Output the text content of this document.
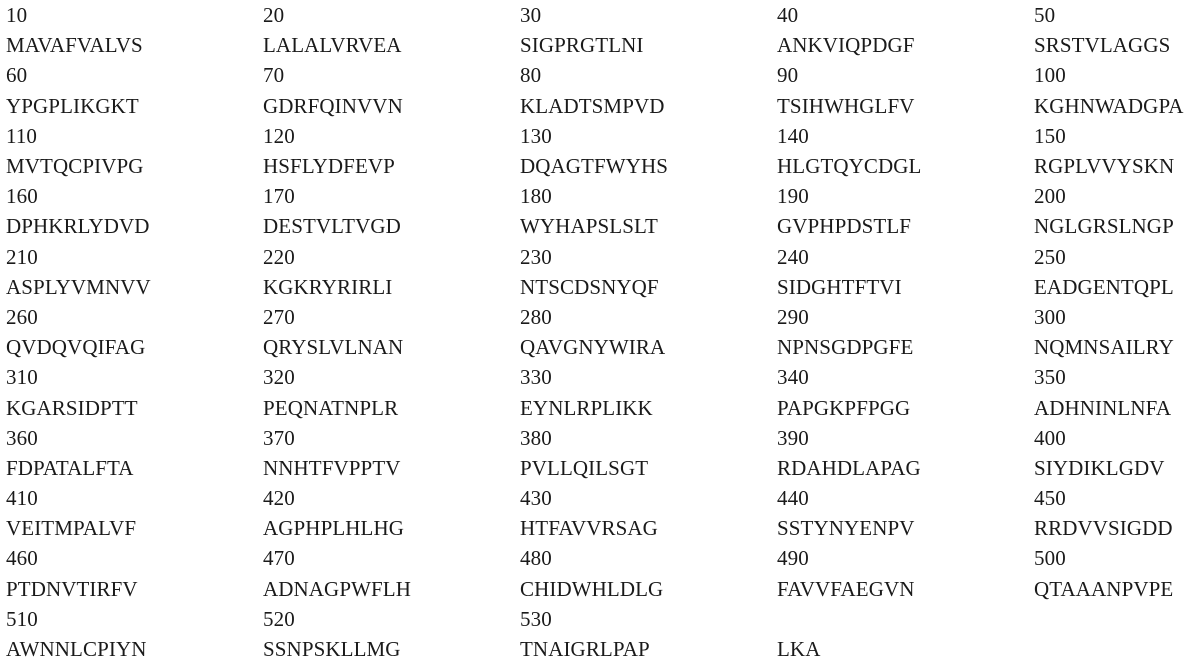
10	20	30	40	50
MAVAFVALVS	LALALVRVEA	SIGPRGTLNI	ANKVIQPDGF	SRSTVLAGGS
60	70	80	90	100
YPGPLIKGKT	GDRFQINVVN	KLADTSMPVD	TSIHWHGLFV	KGHNWADGPA
110	120	130	140	150
MVTQCPIVPG	HSFLYDFEVP	DQAGTFWYHS	HLGTQYCDGL	RGPLVVYSKN
160	170	180	190	200
DPHKRLYDVD	DESTVLTVGD	WYHAPSLSLT	GVPHPDSTLF	NGLGRSLNGP
210	220	230	240	250
ASPLYVMNVV	KGKRYRIRLI	NTSCDSNYQF	SIDGHTFTVI	EADGENTQPL
260	270	280	290	300
QVDQVQIFAG	QRYSLVLNAN	QAVGNYWIRA	NPNSGDPGFE	NQMNSAILRY
310	320	330	340	350
KGARSIDPTT	PEQNATNPLR	EYNLRPLIKK	PAPGKPFPGG	ADHNINLNFA
360	370	380	390	400
FDPATALFTA	NNHTFVPPTV	PVLLQILSGT	RDAHDLAPAG	SIYDIKLGDV
410	420	430	440	450
VEITMPALVF	AGPHPLHLHG	HTFAVVRSAG	SSTYNYENPV	RRDVVSIGDD
460	470	480	490	500
PTDNVTIRFV	ADNAGPWFLH	CHIDWHLDLG	FAVVFAEGVN	QTAAANPVPE
510	520	530
AWNNLCPIYN	SSNPSKLLMG	TNAIGRLPAP	LKA
